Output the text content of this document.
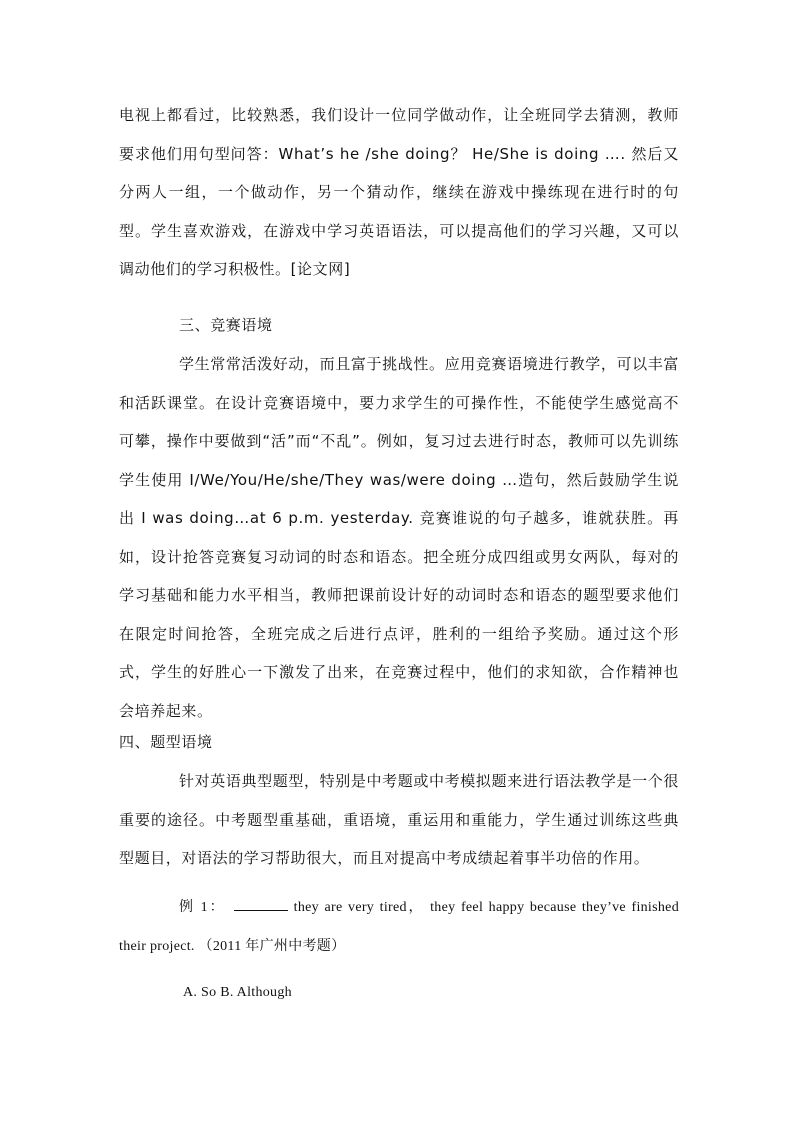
电视上都看过，比较熟悉，我们设计一位同学做动作，让全班同学去猜测，教师要求他们用句型问答：What’s he /she doing？ He/She is doing …. 然后又分两人一组，一个做动作，另一个猜动作，继续在游戏中操练现在进行时的句型。学生喜欢游戏，在游戏中学习英语语法，可以提高他们的学习兴趣，又可以调动他们的学习积极性。[论文网]

三、竞赛语境

学生常常活泼好动，而且富于挑战性。应用竞赛语境进行教学，可以丰富和活跃课堂。在设计竞赛语境中，要力求学生的可操作性，不能使学生感觉高不可攀，操作中要做到“活”而“不乱”。例如，复习过去进行时态，教师可以先训练学生使用 I/We/You/He/she/They was/were doing …造句，然后鼓励学生说出 I was doing…at 6 p.m. yesterday. 竞赛谁说的句子越多，谁就获胜。再如，设计抢答竞赛复习动词的时态和语态。把全班分成四组或男女两队，每对的学习基础和能力水平相当，教师把课前设计好的动词时态和语态的题型要求他们在限定时间抢答，全班完成之后进行点评，胜利的一组给予奖励。通过这个形式，学生的好胜心一下激发了出来，在竞赛过程中，他们的求知欲，合作精神也会培养起来。

四、题型语境

针对英语典型题型，特别是中考题或中考模拟题来进行语法教学是一个很重要的途径。中考题型重基础，重语境，重运用和重能力，学生通过训练这些典型题目，对语法的学习帮助很大，而且对提高中考成绩起着事半功倍的作用。

例 1：	they are very tired， they feel happy because they’ve finished their project. （2011 年广州中考题）

A. So B. Although
